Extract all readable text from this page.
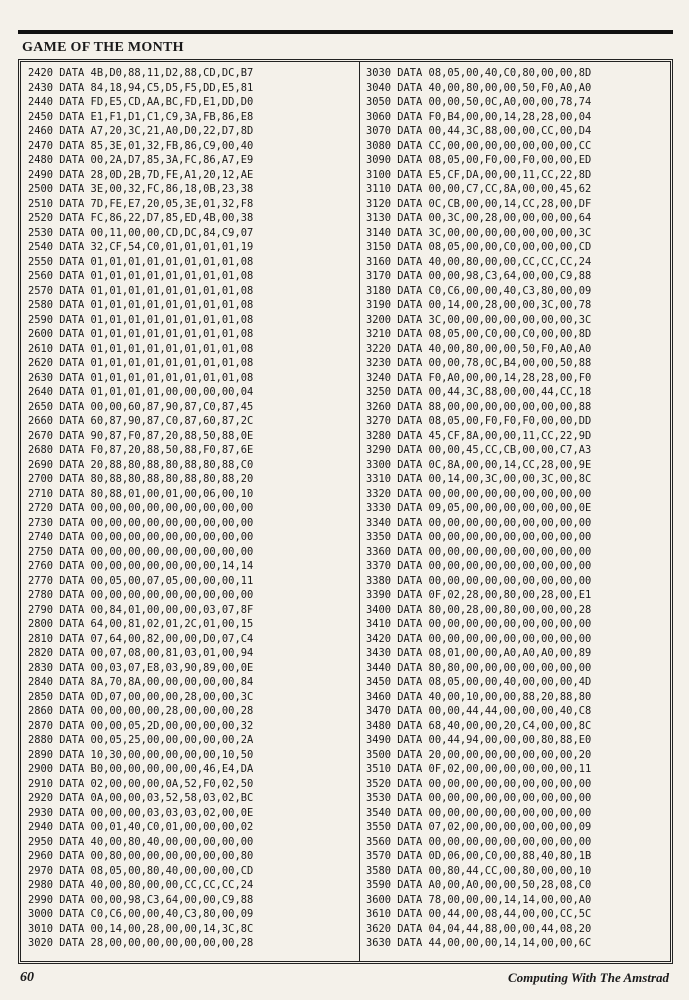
GAME OF THE MONTH
2420 DATA 4B,D0,88,11,D2,88,CD,DC,B7
2430 DATA 84,18,94,C5,D5,F5,DD,E5,81
2440 DATA FD,E5,CD,AA,BC,FD,E1,DD,D0
2450 DATA E1,F1,D1,C1,C9,3A,FB,86,E8
2460 DATA A7,20,3C,21,A0,D0,22,D7,8D
2470 DATA 85,3E,01,32,FB,86,C9,00,40
2480 DATA 00,2A,D7,85,3A,FC,86,A7,E9
2490 DATA 28,0D,2B,7D,FE,A1,20,12,AE
2500 DATA 3E,00,32,FC,86,18,0B,23,38
2510 DATA 7D,FE,E7,20,05,3E,01,32,F8
2520 DATA FC,86,22,D7,85,ED,4B,00,38
2530 DATA 00,11,00,00,CD,DC,84,C9,07
2540 DATA 32,CF,54,C0,01,01,01,01,19
2550 DATA 01,01,01,01,01,01,01,01,08
2560 DATA 01,01,01,01,01,01,01,01,08
2570 DATA 01,01,01,01,01,01,01,01,08
2580 DATA 01,01,01,01,01,01,01,01,08
2590 DATA 01,01,01,01,01,01,01,01,08
2600 DATA 01,01,01,01,01,01,01,01,08
2610 DATA 01,01,01,01,01,01,01,01,08
2620 DATA 01,01,01,01,01,01,01,01,08
2630 DATA 01,01,01,01,01,01,01,01,08
2640 DATA 01,01,01,01,00,00,00,00,04
2650 DATA 00,00,60,87,90,87,C0,87,45
2660 DATA 60,87,90,87,C0,87,60,87,2C
2670 DATA 90,87,F0,87,20,88,50,88,0E
2680 DATA F0,87,20,88,50,88,F0,87,6E
2690 DATA 20,88,80,88,80,88,80,88,C0
2700 DATA 80,88,80,88,80,88,80,88,20
2710 DATA 80,88,01,00,01,00,06,00,10
2720 DATA 00,00,00,00,00,00,00,00,00
2730 DATA 00,00,00,00,00,00,00,00,00
2740 DATA 00,00,00,00,00,00,00,00,00
2750 DATA 00,00,00,00,00,00,00,00,00
2760 DATA 00,00,00,00,00,00,00,14,14
2770 DATA 00,05,00,07,05,00,00,00,11
2780 DATA 00,00,00,00,00,00,00,00,00
2790 DATA 00,84,01,00,00,00,03,07,8F
2800 DATA 64,00,81,02,01,2C,01,00,15
2810 DATA 07,64,00,82,00,00,D0,07,C4
2820 DATA 00,07,08,00,81,03,01,00,94
2830 DATA 00,03,07,E8,03,90,89,00,0E
2840 DATA 8A,70,8A,00,00,00,00,00,84
2850 DATA 0D,07,00,00,00,28,00,00,3C
2860 DATA 00,00,00,00,28,00,00,00,28
2870 DATA 00,00,05,2D,00,00,00,00,32
2880 DATA 00,05,25,00,00,00,00,00,2A
2890 DATA 10,30,00,00,00,00,00,10,50
2900 DATA B0,00,00,00,00,00,46,E4,DA
2910 DATA 02,00,00,00,0A,52,F0,02,50
2920 DATA 0A,00,00,03,52,58,03,02,BC
2930 DATA 00,00,00,03,03,03,02,00,0E
2940 DATA 00,01,40,C0,01,00,00,00,02
2950 DATA 40,00,80,40,00,00,00,00,00
2960 DATA 00,80,00,00,00,00,00,00,80
2970 DATA 08,05,00,80,40,00,00,00,CD
2980 DATA 40,00,80,00,00,CC,CC,CC,24
2990 DATA 00,00,98,C3,64,00,00,C9,88
3000 DATA C0,C6,00,00,40,C3,80,00,09
3010 DATA 00,14,00,28,00,00,14,3C,8C
3020 DATA 28,00,00,00,00,00,00,00,28
3030 DATA 08,05,00,40,C0,80,00,00,8D
3040 DATA 40,00,80,00,00,50,F0,A0,A0
3050 DATA 00,00,50,0C,A0,00,00,78,74
3060 DATA F0,B4,00,00,14,28,28,00,04
3070 DATA 00,44,3C,88,00,00,CC,00,D4
3080 DATA CC,00,00,00,00,00,00,00,CC
3090 DATA 08,05,00,F0,00,F0,00,00,ED
3100 DATA E5,CF,DA,00,00,11,CC,22,8D
3110 DATA 00,00,C7,CC,8A,00,00,45,62
3120 DATA 0C,CB,00,00,14,CC,28,00,DF
3130 DATA 00,3C,00,28,00,00,00,00,64
3140 DATA 3C,00,00,00,00,00,00,00,3C
3150 DATA 08,05,00,00,C0,00,00,00,CD
3160 DATA 40,00,80,00,00,CC,CC,CC,24
3170 DATA 00,00,98,C3,64,00,00,C9,88
3180 DATA C0,C6,00,00,40,C3,80,00,09
3190 DATA 00,14,00,28,00,00,3C,00,78
3200 DATA 3C,00,00,00,00,00,00,00,3C
3210 DATA 08,05,00,C0,00,C0,00,00,8D
3220 DATA 40,00,80,00,00,50,F0,A0,A0
3230 DATA 00,00,78,0C,B4,00,00,50,88
3240 DATA F0,A0,00,00,14,28,28,00,F0
3250 DATA 00,44,3C,88,00,00,44,CC,18
3260 DATA 88,00,00,00,00,00,00,00,88
3270 DATA 08,05,00,F0,F0,F0,00,00,DD
3280 DATA 45,CF,8A,00,00,11,CC,22,9D
3290 DATA 00,00,45,CC,CB,00,00,C7,A3
3300 DATA 0C,8A,00,00,14,CC,28,00,9E
3310 DATA 00,14,00,3C,00,00,3C,00,8C
3320 DATA 00,00,00,00,00,00,00,00,00
3330 DATA 09,05,00,00,00,00,00,00,0E
3340 DATA 00,00,00,00,00,00,00,00,00
3350 DATA 00,00,00,00,00,00,00,00,00
3360 DATA 00,00,00,00,00,00,00,00,00
3370 DATA 00,00,00,00,00,00,00,00,00
3380 DATA 00,00,00,00,00,00,00,00,00
3390 DATA 0F,02,28,00,80,00,28,00,E1
3400 DATA 80,00,28,00,80,00,00,00,28
3410 DATA 00,00,00,00,00,00,00,00,00
3420 DATA 00,00,00,00,00,00,00,00,00
3430 DATA 08,01,00,00,A0,A0,A0,00,89
3440 DATA 80,80,00,00,00,00,00,00,00
3450 DATA 08,05,00,00,40,00,00,00,4D
3460 DATA 40,00,10,00,00,88,20,88,80
3470 DATA 00,00,44,44,00,00,00,40,C8
3480 DATA 68,40,00,00,20,C4,00,00,8C
3490 DATA 00,44,94,00,00,00,80,88,E0
3500 DATA 20,00,00,00,00,00,00,00,20
3510 DATA 0F,02,00,00,00,00,00,00,11
3520 DATA 00,00,00,00,00,00,00,00,00
3530 DATA 00,00,00,00,00,00,00,00,00
3540 DATA 00,00,00,00,00,00,00,00,00
3550 DATA 07,02,00,00,00,00,00,00,09
3560 DATA 00,00,00,00,00,00,00,00,00
3570 DATA 0D,06,00,C0,00,88,40,80,1B
3580 DATA 00,80,44,CC,00,80,00,00,10
3590 DATA A0,00,A0,00,00,50,28,08,C0
3600 DATA 78,00,00,00,14,14,00,00,A0
3610 DATA 00,44,00,08,44,00,00,CC,5C
3620 DATA 04,04,44,88,00,00,44,08,20
3630 DATA 44,00,00,00,14,14,00,00,6C
60	Computing With The Amstrad
